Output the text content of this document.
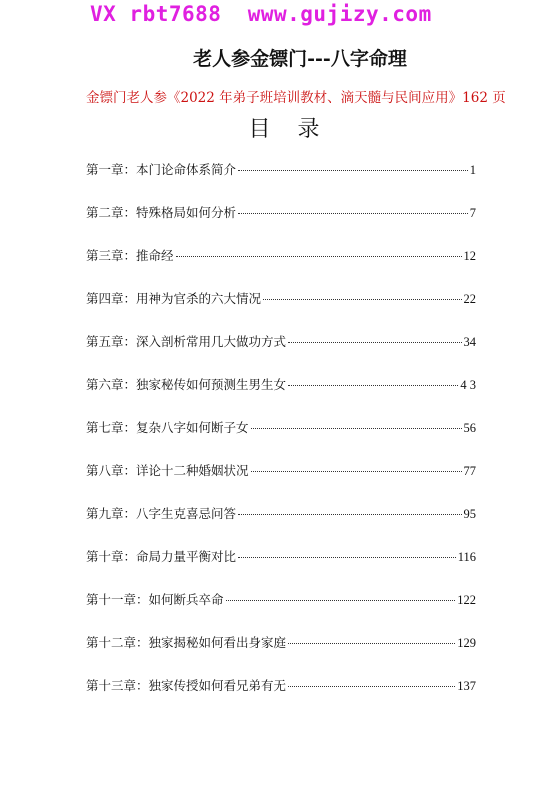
VX rbt7688  www.gujizy.com
老人参金镖门---八字命理
金镖门老人参《2022 年弟子班培训教材、滴天髓与民间应用》162 页
目 录
第一章：本门论命体系简介	1
第二章：特殊格局如何分析	7
第三章：推命经	12
第四章：用神为官杀的六大情况	22
第五章：深入剖析常用几大做功方式	34
第六章：独家秘传如何预测生男生女	4 3
第七章：复杂八字如何断子女	56
第八章：详论十二种婚姻状况	77
第九章：八字生克喜忌问答	95
第十章：命局力量平衡对比	116
第十一章：如何断兵卒命	122
第十二章：独家揭秘如何看出身家庭	129
第十三章：独家传授如何看兄弟有无	137
